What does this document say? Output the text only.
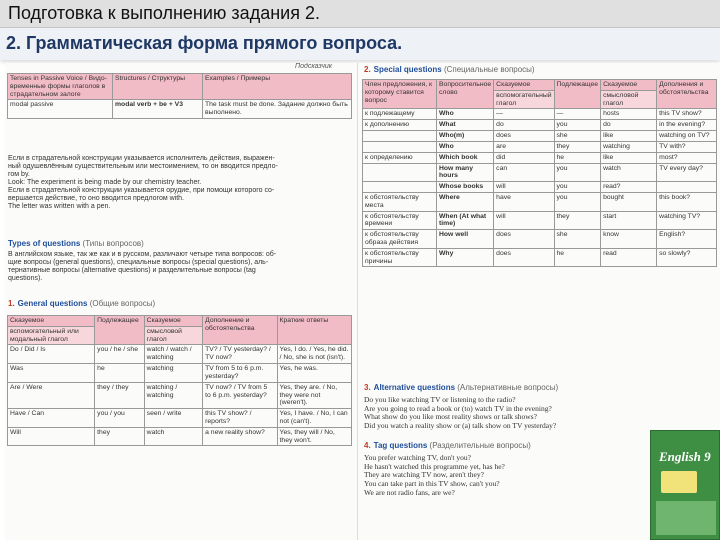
Подготовка к выполнению задания 2.
2. Грамматическая форма прямого вопроса.
Подсказчик
Tenses in Passive Voice / Видо-временные формы глаголов в страдательном залоге	Structures / Структуры	Examples / Примеры
modal passive	modal verb + be + V3	The task must be done. Задание должно быть выполнено.
Если в страдательной конструкции указывается исполнитель действия, выражен-
ный одушевлённым существительным или местоимением, то он вводится предло-
гом by.
Look: The experiment is being made by our chemistry teacher.
Если в страдательной конструкции указывается орудие, при помощи которого со-
вершается действие, то оно вводится предлогом with.
The letter was written with a pen.
Types of questions (Типы вопросов)
В английском языке, так же как и в русском, различают четыре типа вопросов: об-
щие вопросы (general questions), специальные вопросы (special questions), аль-
тернативные вопросы (alternative questions) и разделительные вопросы (tag
questions).
1. General questions (Общие вопросы)
Сказуемое	Подлежащее	Сказуемое	Дополнение и обстоятельства	Краткие ответы
вспомогательный или модальный глагол		смысловой глагол		
Do / Did / Is	you / he / she	watch / watch / watching	TV? / TV yesterday? / TV now?	Yes, I do. / Yes, he did. / No, she is not (isn't).
Was	he	watching	TV from 5 to 6 p.m. yesterday?	Yes, he was.
Are / Were	they / they	watching / watching	TV now? / TV from 5 to 6 p.m. yesterday?	Yes, they are. / No, they were not (weren't).
Have / Can	you / you	seen / write	this TV show? / reports?	Yes, I have. / No, I can not (can't).
Will	they	watch	a new reality show?	Yes, they will / No, they won't.
2. Special questions (Специальные вопросы)
Член предложения, к которому ставится вопрос	Вопросительное слово	Сказуемое	Подлежащее	Сказуемое	Дополнения и обстоятельства
		вспомогательный глагол		смысловой глагол	
к подлежащему	Who	—	—	hosts	this TV show?
к дополнению	What	do	you	do	in the evening?
	Who(m)	does	she	like	watching on TV?
	Who	are	they	watching	TV with?
к определению	Which book	did	he	like	most?
	How many hours	can	you	watch	TV every day?
	Whose books	will	you	read?	
к обстоятельству места	Where	have	you	bought	this book?
к обстоятельству времени	When (At what time)	will	they	start	watching TV?
к обстоятельству образа действия	How well	does	she	know	English?
к обстоятельству причины	Why	does	he	read	so slowly?
3. Alternative questions (Альтернативные вопросы)
Do you like watching TV or listening to the radio?
Are you going to read a book or (to) watch TV in the evening?
What show do you like most reality shows or talk shows?
Did you watch a reality show or (a) talk show on TV yesterday?
4. Tag questions (Разделительные вопросы)
You prefer watching TV, don't you?
He hasn't watched this programme yet, has he?
They are watching TV now, aren't they?
You can take part in this TV show, can't you?
We are not radio fans, are we?
English 9
